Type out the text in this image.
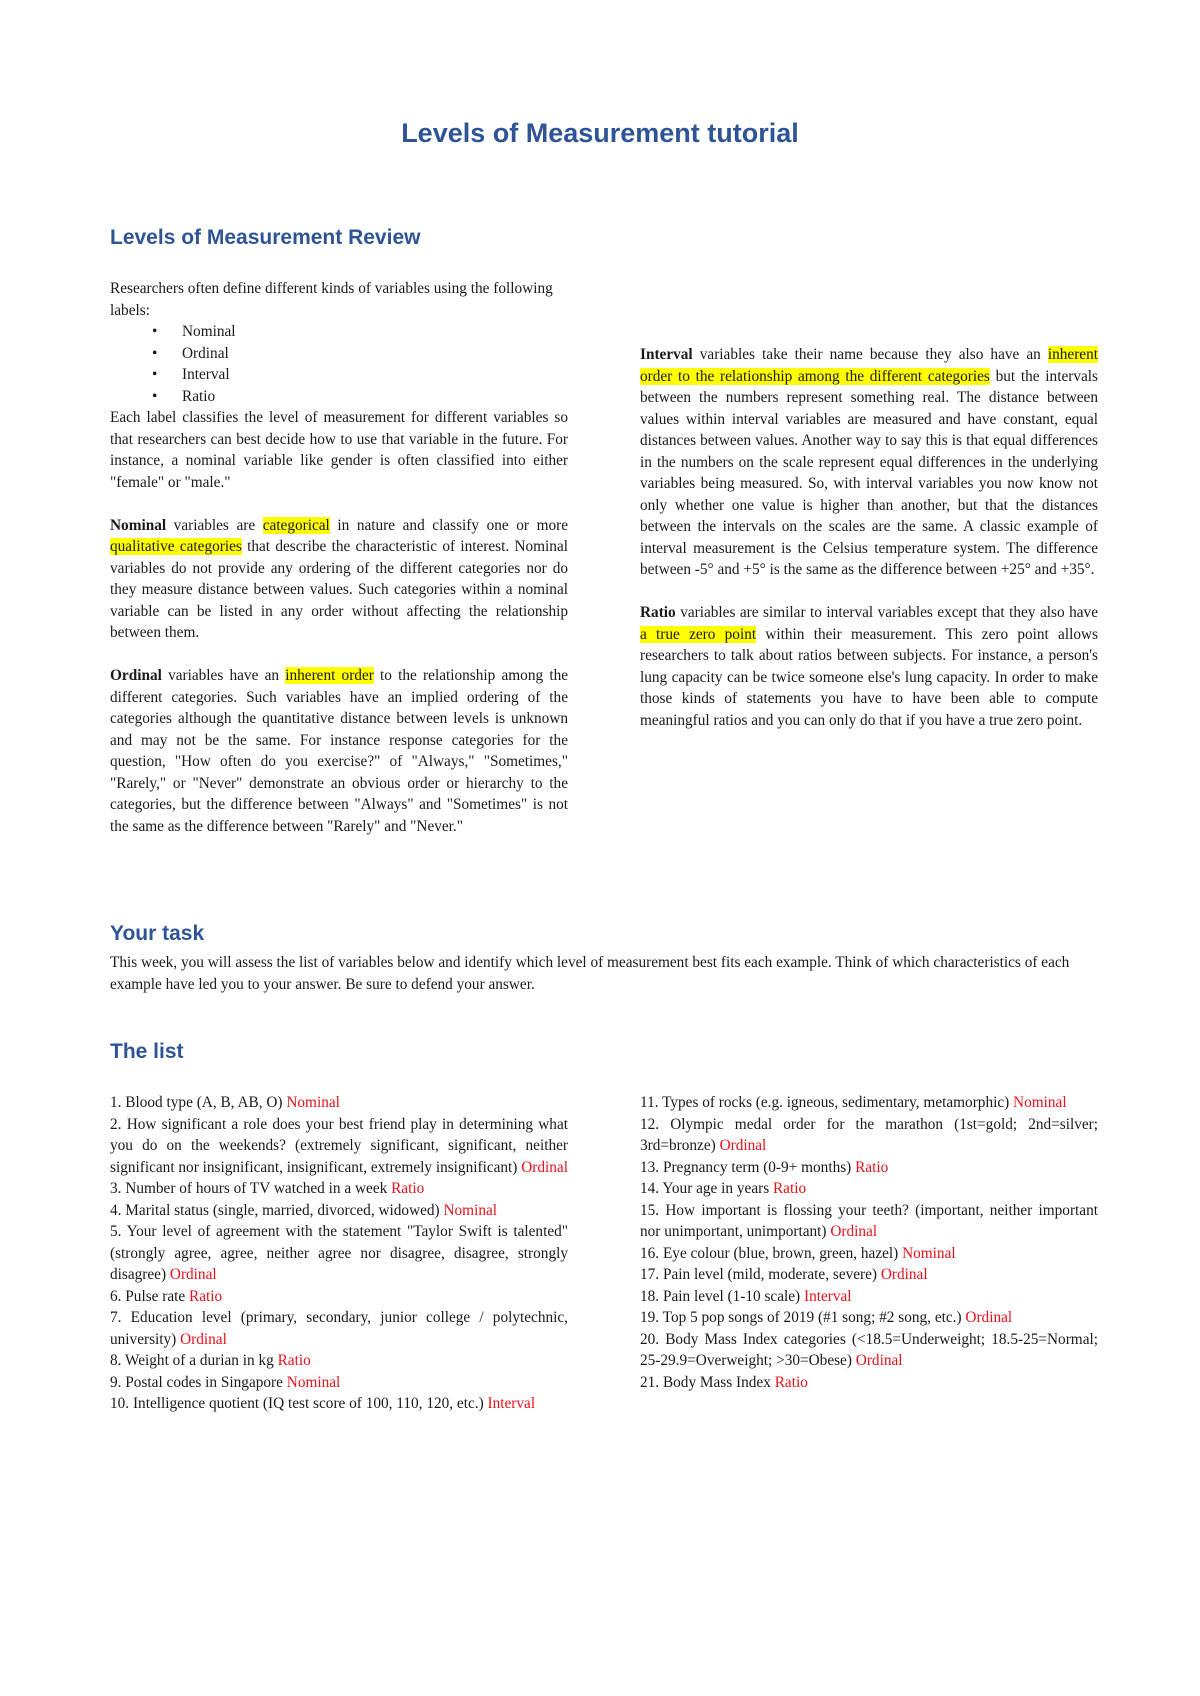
Levels of Measurement tutorial
Levels of Measurement Review

Researchers often define different kinds of variables using the following labels:

• Nominal
• Ordinal
• Interval
• Ratio

Each label classifies the level of measurement for different variables so that researchers can best decide how to use that variable in the future. For instance, a nominal variable like gender is often classified into either "female" or "male."

Nominal variables are categorical in nature and classify one or more qualitative categories that describe the characteristic of interest. Nominal variables do not provide any ordering of the different categories nor do they measure distance between values. Such categories within a nominal variable can be listed in any order without affecting the relationship between them.

Ordinal variables have an inherent order to the relationship among the different categories. Such variables have an implied ordering of the categories although the quantitative distance between levels is unknown and may not be the same. For instance response categories for the question, "How often do you exercise?" of "Always," "Sometimes," "Rarely," or "Never" demonstrate an obvious order or hierarchy to the categories, but the difference between "Always" and "Sometimes" is not the same as the difference between "Rarely" and "Never."

Interval variables take their name because they also have an inherent order to the relationship among the different categories but the intervals between the numbers represent something real. The distance between values within interval variables are measured and have constant, equal distances between values. Another way to say this is that equal differences in the numbers on the scale represent equal differences in the underlying variables being measured. So, with interval variables you now know not only whether one value is higher than another, but that the distances between the intervals on the scales are the same. A classic example of interval measurement is the Celsius temperature system. The difference between -5° and +5° is the same as the difference between +25° and +35°.

Ratio variables are similar to interval variables except that they also have a true zero point within their measurement. This zero point allows researchers to talk about ratios between subjects. For instance, a person's lung capacity can be twice someone else's lung capacity. In order to make those kinds of statements you have to have been able to compute meaningful ratios and you can only do that if you have a true zero point.

Your task

This week, you will assess the list of variables below and identify which level of measurement best fits each example. Think of which characteristics of each example have led you to your answer. Be sure to defend your answer.

The list

1. Blood type (A, B, AB, O) Nominal

2. How significant a role does your best friend play in determining what you do on the weekends? (extremely significant, significant, neither significant nor insignificant, insignificant, extremely insignificant) Ordinal

3. Number of hours of TV watched in a week Ratio

4. Marital status (single, married, divorced, widowed) Nominal

5. Your level of agreement with the statement "Taylor Swift is talented" (strongly agree, agree, neither agree nor disagree, disagree, strongly disagree) Ordinal

6. Pulse rate Ratio

7. Education level (primary, secondary, junior college / polytechnic, university) Ordinal

8. Weight of a durian in kg Ratio

9. Postal codes in Singapore Nominal

10. Intelligence quotient (IQ test score of 100, 110, 120, etc.) Interval

11. Types of rocks (e.g. igneous, sedimentary, metamorphic) Nominal

12. Olympic medal order for the marathon (1st=gold; 2nd=silver; 3rd=bronze) Ordinal

13. Pregnancy term (0-9+ months) Ratio

14. Your age in years Ratio

15. How important is flossing your teeth? (important, neither important nor unimportant, unimportant) Ordinal

16. Eye colour (blue, brown, green, hazel) Nominal

17. Pain level (mild, moderate, severe) Ordinal

18. Pain level (1-10 scale) Interval

19. Top 5 pop songs of 2019 (#1 song; #2 song, etc.) Ordinal

20. Body Mass Index categories (<18.5=Underweight; 18.5-25=Normal; 25-29.9=Overweight; >30=Obese) Ordinal

21. Body Mass Index Ratio
